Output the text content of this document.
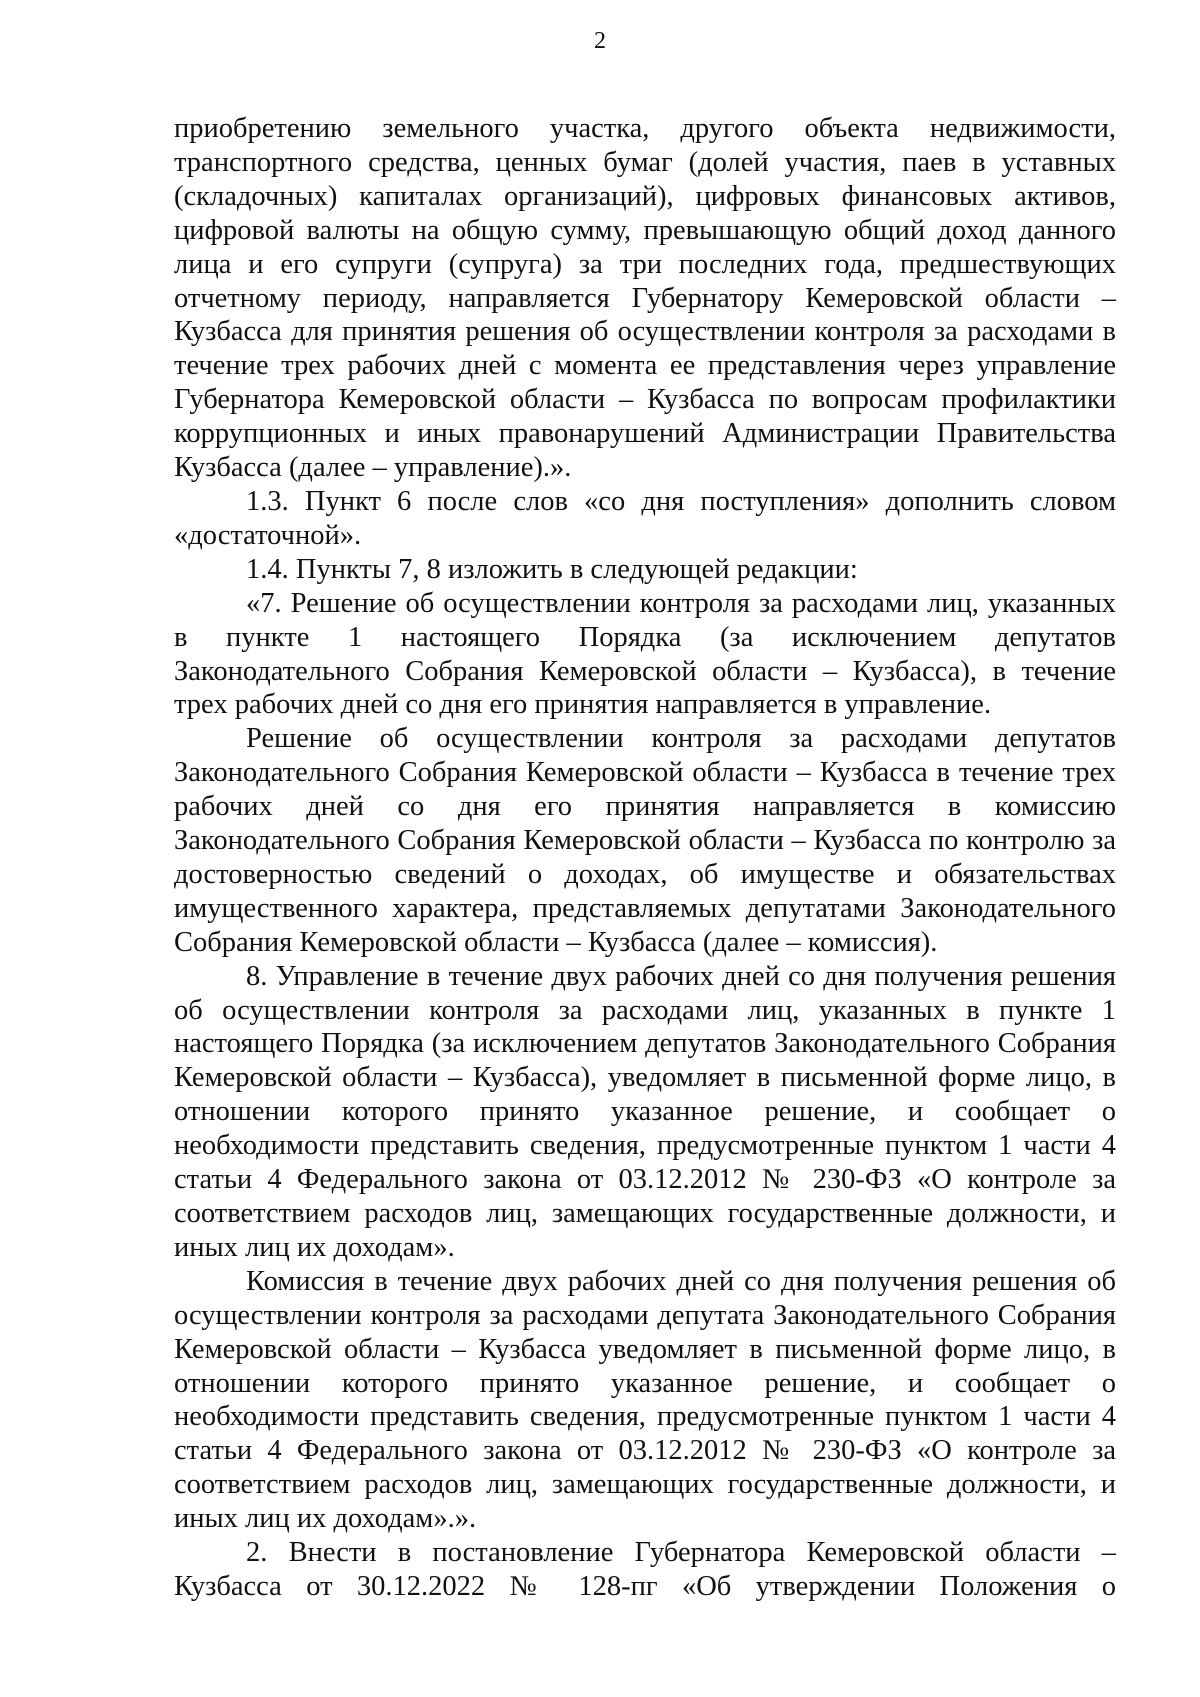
2

приобретению земельного участка, другого объекта недвижимости, транспортного средства, ценных бумаг (долей участия, паев в уставных (складочных) капиталах организаций), цифровых финансовых активов, цифровой валюты на общую сумму, превышающую общий доход данного лица и его супруги (супруга) за три последних года, предшествующих отчетному периоду, направляется Губернатору Кемеровской области – Кузбасса для принятия решения об осуществлении контроля за расходами в течение трех рабочих дней с момента ее представления через управление Губернатора Кемеровской области – Кузбасса по вопросам профилактики коррупционных и иных правонарушений Администрации Правительства Кузбасса (далее – управление).».

1.3. Пункт 6 после слов «со дня поступления» дополнить словом «достаточной».

1.4. Пункты 7, 8 изложить в следующей редакции:

«7. Решение об осуществлении контроля за расходами лиц, указанных в пункте 1 настоящего Порядка (за исключением депутатов Законодательного Собрания Кемеровской области – Кузбасса), в течение трех рабочих дней со дня его принятия направляется в управление.

Решение об осуществлении контроля за расходами депутатов Законодательного Собрания Кемеровской области – Кузбасса в течение трех рабочих дней со дня его принятия направляется в комиссию Законодательного Собрания Кемеровской области – Кузбасса по контролю за достоверностью сведений о доходах, об имуществе и обязательствах имущественного характера, представляемых депутатами Законодательного Собрания Кемеровской области – Кузбасса (далее – комиссия).

8. Управление в течение двух рабочих дней со дня получения решения об осуществлении контроля за расходами лиц, указанных в пункте 1 настоящего Порядка (за исключением депутатов Законодательного Собрания Кемеровской области – Кузбасса), уведомляет в письменной форме лицо, в отношении которого принято указанное решение, и сообщает о необходимости представить сведения, предусмотренные пунктом 1 части 4 статьи 4 Федерального закона от 03.12.2012 № 230-ФЗ «О контроле за соответствием расходов лиц, замещающих государственные должности, и иных лиц их доходам».

Комиссия в течение двух рабочих дней со дня получения решения об осуществлении контроля за расходами депутата Законодательного Собрания Кемеровской области – Кузбасса уведомляет в письменной форме лицо, в отношении которого принято указанное решение, и сообщает о необходимости представить сведения, предусмотренные пунктом 1 части 4 статьи 4 Федерального закона от 03.12.2012 № 230-ФЗ «О контроле за соответствием расходов лиц, замещающих государственные должности, и иных лиц их доходам».».

2. Внести в постановление Губернатора Кемеровской области – Кузбасса от 30.12.2022 № 128-пг «Об утверждении Положения о
